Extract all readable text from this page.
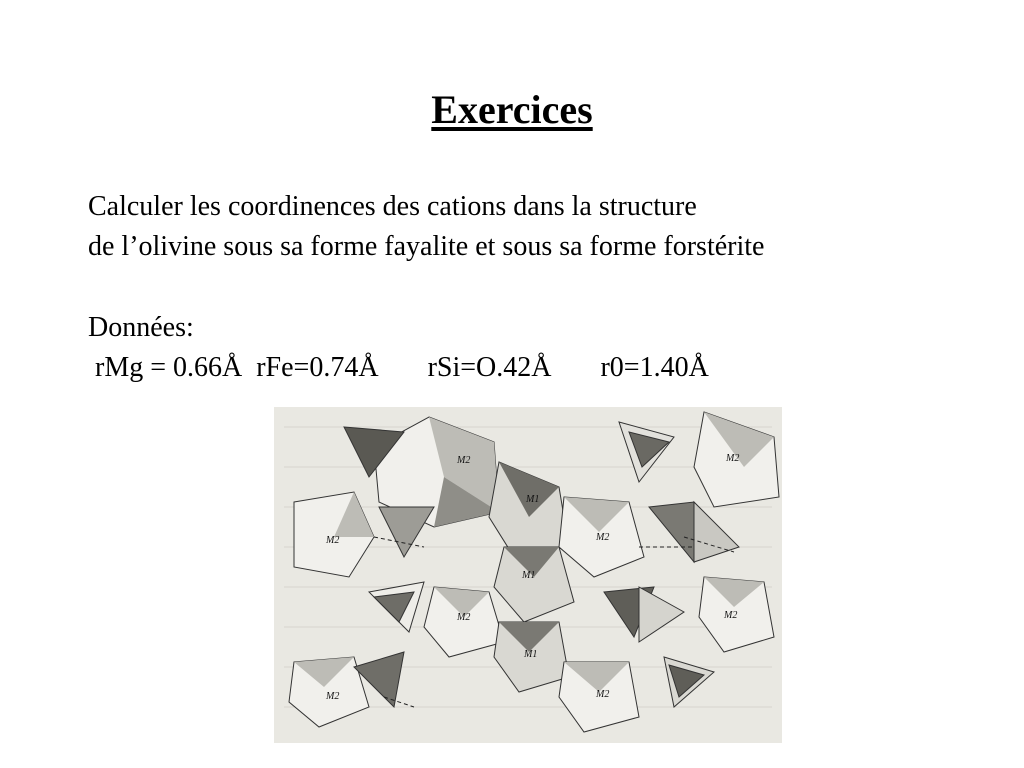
Exercices
Calculer les coordinences des cations dans la structure
de l’olivine sous sa forme fayalite et sous sa forme forstérite
Données:
rMg = 0.66Å  rFe=0.74Å       rSi=O.42Å       r0=1.40Å
M2	M2
M1
M2	M2
M1
M2	M2
M1
M2	M2
